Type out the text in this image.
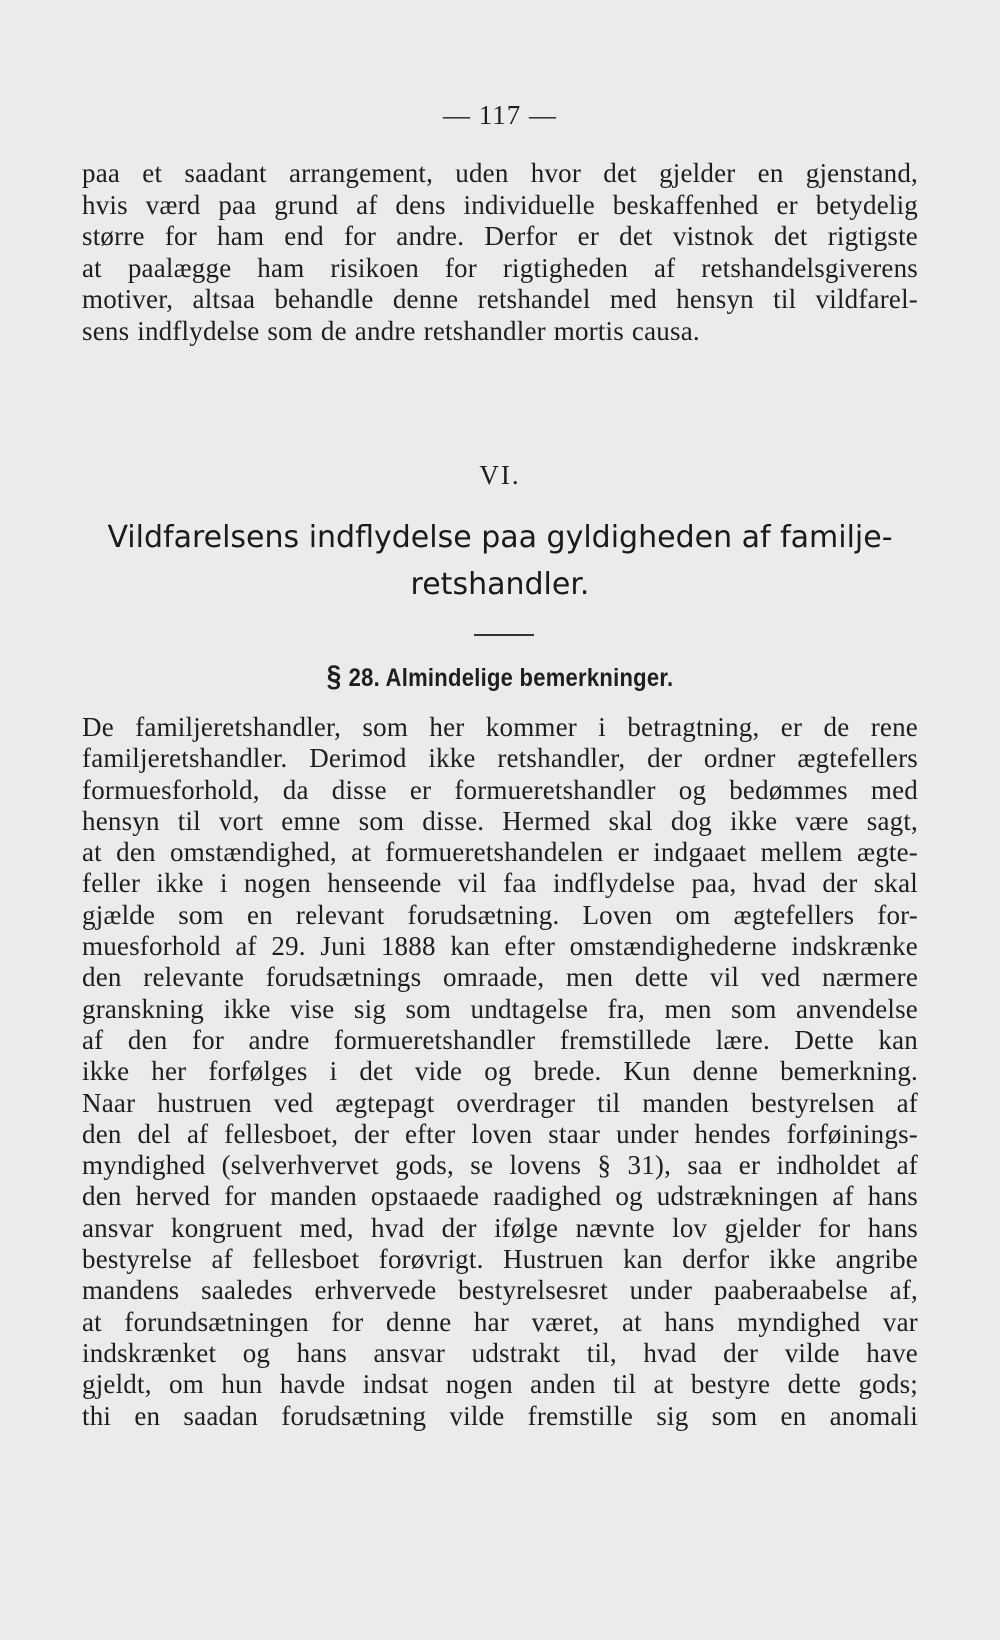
— 117 —

paa et saadant arrangement, uden hvor det gjelder en gjenstand,
hvis værd paa grund af dens individuelle beskaffenhed er betydelig
større for ham end for andre. Derfor er det vistnok det rigtigste
at paalægge ham risikoen for rigtigheden af retshandelsgiverens
motiver, altsaa behandle denne retshandel med hensyn til vildfarel-
sens indflydelse som de andre retshandler mortis causa.

VI.
Vildfarelsens indflydelse paa gyldigheden af familje-
retshandler.
§ 28. Almindelige bemerkninger.

De familjeretshandler, som her kommer i betragtning, er de rene
familjeretshandler. Derimod ikke retshandler, der ordner ægtefellers
formuesforhold, da disse er formueretshandler og bedømmes med
hensyn til vort emne som disse. Hermed skal dog ikke være sagt,
at den omstændighed, at formueretshandelen er indgaaet mellem ægte-
feller ikke i nogen henseende vil faa indflydelse paa, hvad der skal
gjælde som en relevant forudsætning. Loven om ægtefellers for-
muesforhold af 29. Juni 1888 kan efter omstændighederne indskrænke
den relevante forudsætnings omraade, men dette vil ved nærmere
granskning ikke vise sig som undtagelse fra, men som anvendelse
af den for andre formueretshandler fremstillede lære. Dette kan
ikke her forfølges i det vide og brede. Kun denne bemerkning.
Naar hustruen ved ægtepagt overdrager til manden bestyrelsen af
den del af fellesboet, der efter loven staar under hendes forføinings-
myndighed (selverhvervet gods, se lovens § 31), saa er indholdet af
den herved for manden opstaaede raadighed og udstrækningen af hans
ansvar kongruent med, hvad der ifølge nævnte lov gjelder for hans
bestyrelse af fellesboet forøvrigt. Hustruen kan derfor ikke angribe
mandens saaledes erhvervede bestyrelsesret under paaberaabelse af,
at forundsætningen for denne har været, at hans myndighed var
indskrænket og hans ansvar udstrakt til, hvad der vilde have
gjeldt, om hun havde indsat nogen anden til at bestyre dette gods;
thi en saadan forudsætning vilde fremstille sig som en anomali
